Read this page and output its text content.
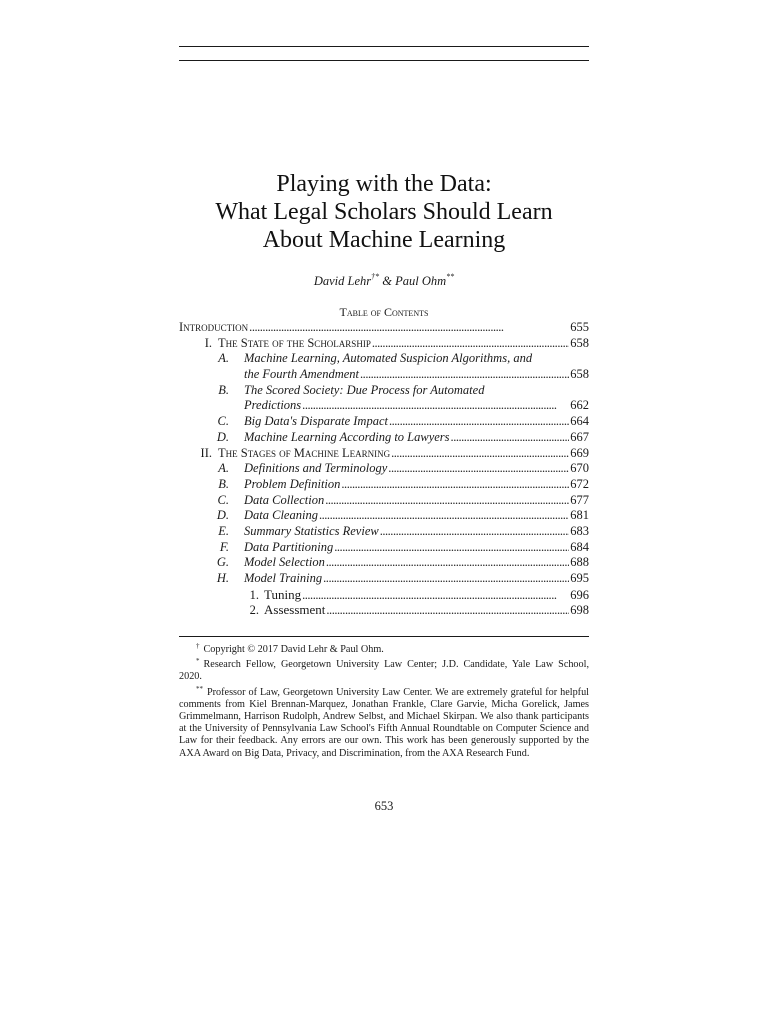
Playing with the Data:
What Legal Scholars Should Learn
About Machine Learning
David Lehr†* & Paul Ohm**
Table of Contents
Introduction . . .	655
I. The State of the Scholarship . . .	658
A.	Machine Learning, Automated Suspicion Algorithms, and
the Fourth Amendment . . .	658
B.	The Scored Society: Due Process for Automated
Predictions . . .	662
C.	Big Data's Disparate Impact . . .	664
D.	Machine Learning According to Lawyers . . .	667
II. The Stages of Machine Learning . . .	669
A.	Definitions and Terminology . . .	670
B.	Problem Definition . . .	672
C.	Data Collection . . .	677
D.	Data Cleaning . . .	681
E.	Summary Statistics Review . . .	683
F.	Data Partitioning . . .	684
G.	Model Selection . . .	688
H.	Model Training . . .	695
1. Tuning . . .	696
2. Assessment . . .	698

† Copyright © 2017 David Lehr & Paul Ohm.

* Research Fellow, Georgetown University Law Center; J.D. Candidate, Yale Law School, 2020.

** Professor of Law, Georgetown University Law Center. We are extremely grateful for helpful comments from Kiel Brennan-Marquez, Jonathan Frankle, Clare Garvie, Micha Gorelick, James Grimmelmann, Harrison Rudolph, Andrew Selbst, and Michael Skirpan. We also thank participants at the University of Pennsylvania Law School's Fifth Annual Roundtable on Computer Science and Law for their feedback. Any errors are our own. This work has been generously supported by the AXA Award on Big Data, Privacy, and Discrimination, from the AXA Research Fund.

653
